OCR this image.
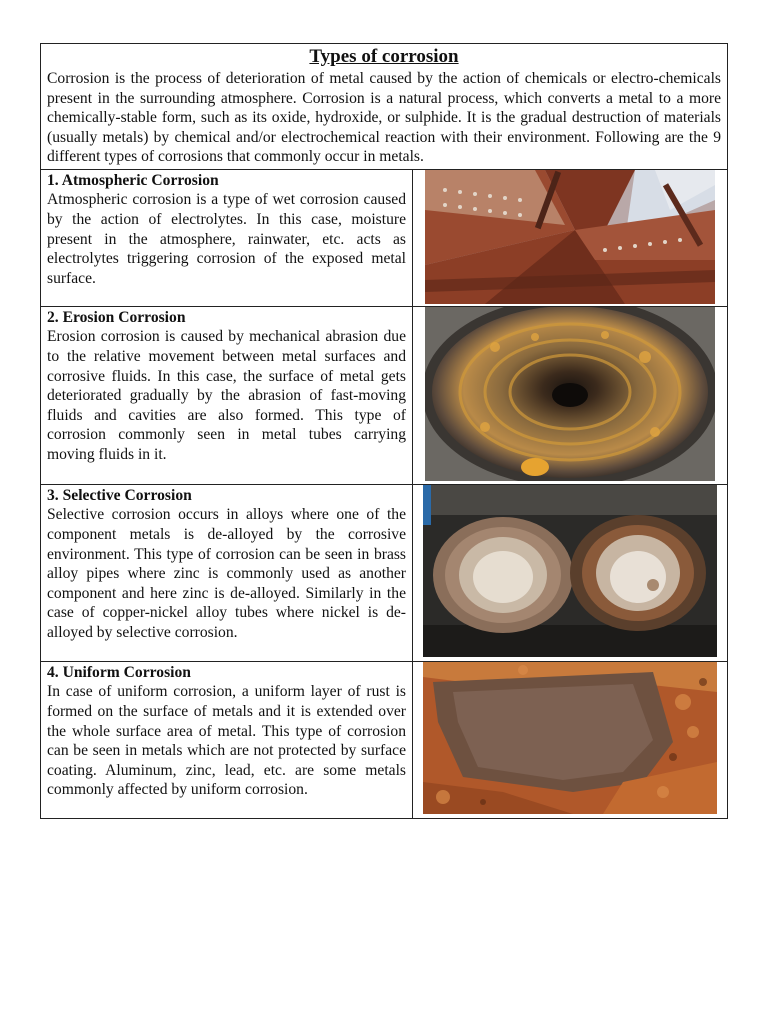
Types of corrosion

Corrosion is the process of deterioration of metal caused by the action of chemicals or electro-chemicals present in the surrounding atmosphere. Corrosion is a natural process, which converts a metal to a more chemically-stable form, such as its oxide, hydroxide, or sulphide. It is the gradual destruction of materials (usually metals) by chemical and/or electrochemical reaction with their environment. Following are the 9 different types of corrosions that commonly occur in metals.

1. Atmospheric Corrosion

Atmospheric corrosion is a type of wet corrosion caused by the action of electrolytes. In this case, moisture present in the atmosphere, rainwater, etc. acts as electrolytes triggering corrosion of the exposed metal surface.

2. Erosion Corrosion

Erosion corrosion is caused by mechanical abrasion due to the relative movement between metal surfaces and corrosive fluids. In this case, the surface of metal gets deteriorated gradually by the abrasion of fast-moving fluids and cavities are also formed. This type of corrosion commonly seen in metal tubes carrying moving fluids in it.

3. Selective Corrosion

Selective corrosion occurs in alloys where one of the component metals is de-alloyed by the corrosive environment. This type of corrosion can be seen in brass alloy pipes where zinc is commonly used as another component and here zinc is de-alloyed. Similarly in the case of copper-nickel alloy tubes where nickel is de-alloyed by selective corrosion.

4. Uniform Corrosion

In case of uniform corrosion, a uniform layer of rust is formed on the surface of metals and it is extended over the whole surface area of metal. This type of corrosion can be seen in metals which are not protected by surface coating. Aluminum, zinc, lead, etc. are some metals commonly affected by uniform corrosion.
